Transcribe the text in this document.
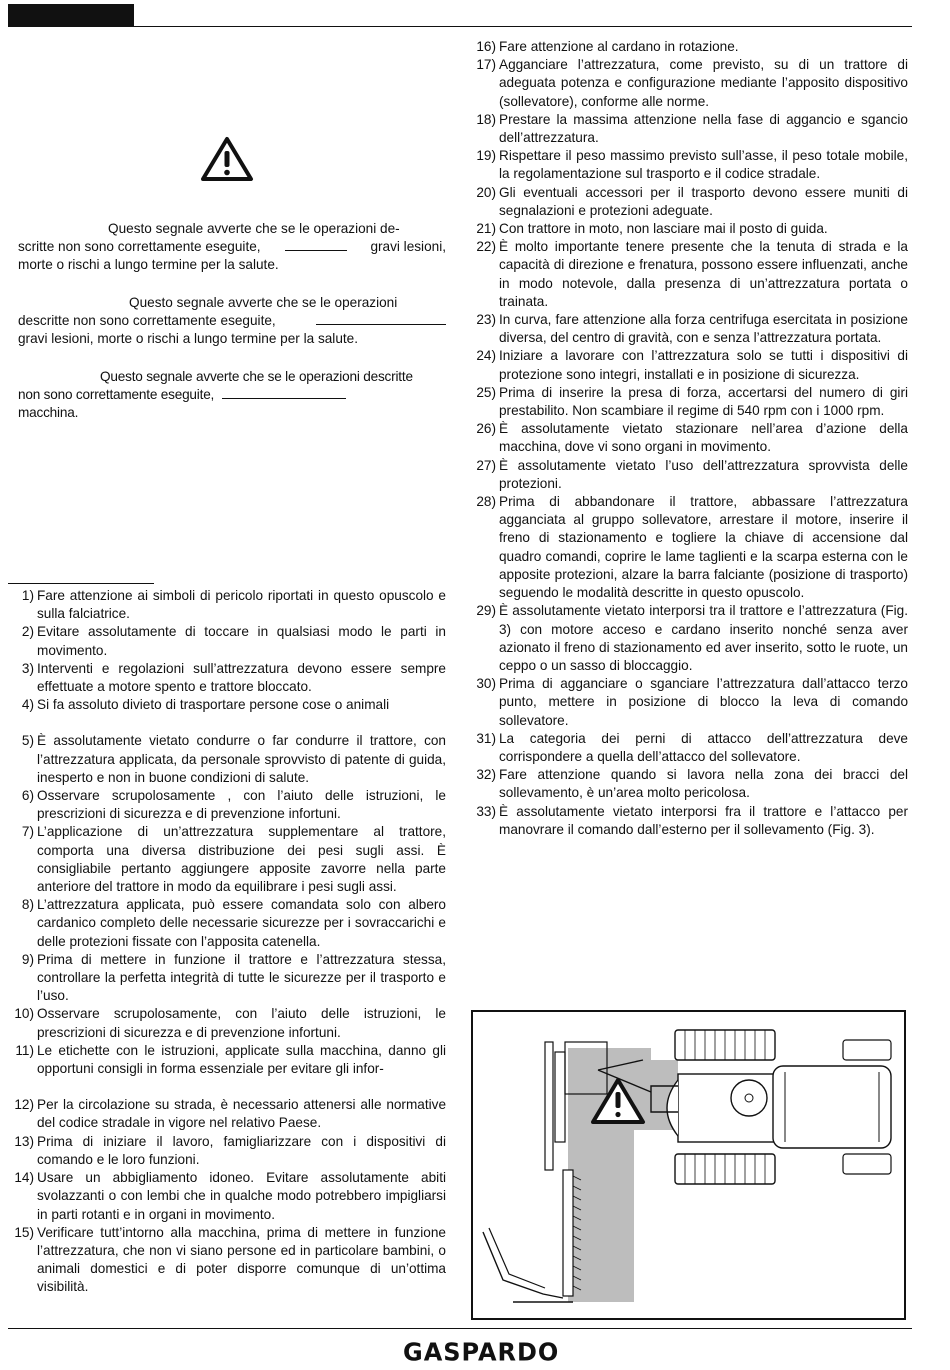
Questo segnale avverte che se le operazioni de-
scritte non sono correttamente eseguite,	gravi lesioni,
morte o rischi a lungo termine per la salute.
Questo segnale avverte che se le operazioni
descritte non sono correttamente eseguite,
gravi lesioni, morte o rischi a lungo termine per la salute.
Questo segnale avverte che se le operazioni descritte
non sono correttamente eseguite,
macchina.
1) Fare attenzione ai simboli di pericolo riportati in questo opuscolo e sulla falciatrice.
2) Evitare assolutamente di toccare in qualsiasi modo le parti in movimento.
3) Interventi e regolazioni sull’attrezzatura devono essere sempre effettuate a motore spento e trattore bloccato.
4) Si fa assoluto divieto di trasportare persone cose o animali
5) È assolutamente vietato condurre o far condurre il trattore, con l’attrezzatura applicata, da personale sprovvisto di patente di guida, inesperto e non in buone condizioni di salute.
6) Osservare scrupolosamente , con l’aiuto delle istruzioni, le prescrizioni di sicurezza e di prevenzione infortuni.
7) L’applicazione di un’attrezzatura supplementare al trattore, comporta una diversa distribuzione dei pesi sugli assi. È consigliabile pertanto aggiungere apposite zavorre nella parte anteriore del trattore in modo da equilibrare i pesi sugli assi.
8) L’attrezzatura applicata, può essere comandata solo con albero cardanico completo delle necessarie sicurezze per i sovraccarichi e delle protezioni fissate con l’apposita catenella.
9) Prima di mettere in funzione il trattore e l’attrezzatura stessa, controllare la perfetta integrità di tutte le sicurezze per il trasporto e l’uso.
10) Osservare scrupolosamente, con l’aiuto delle istruzioni, le prescrizioni di sicurezza e di prevenzione infortuni.
11) Le etichette con le istruzioni, applicate sulla macchina, danno gli opportuni consigli in forma essenziale per evitare gli infor-
12) Per la circolazione su strada, è necessario attenersi alle normative del codice stradale in vigore nel relativo Paese.
13) Prima di iniziare il lavoro, famigliarizzare con i dispositivi di comando e le loro funzioni.
14) Usare un abbigliamento idoneo. Evitare assolutamente abiti svolazzanti o con lembi che in qualche modo potrebbero impigliarsi in parti rotanti e in organi in movimento.
15) Verificare tutt’intorno alla macchina, prima di mettere in funzione l’attrezzatura, che non vi siano persone ed in particolare bambini, o animali domestici e di poter disporre comunque di un’ottima visibilità.
16) Fare attenzione al cardano in rotazione.
17) Agganciare l’attrezzatura, come previsto, su di un trattore di adeguata potenza e configurazione mediante l’apposito dispositivo (sollevatore), conforme alle norme.
18) Prestare la massima attenzione nella fase di aggancio e sgancio dell’attrezzatura.
19) Rispettare il peso massimo previsto sull’asse, il peso totale mobile, la regolamentazione sul trasporto e il codice stradale.
20) Gli eventuali accessori per il trasporto devono essere muniti di segnalazioni e protezioni adeguate.
21) Con trattore in moto, non lasciare mai il posto di guida.
22) È molto importante tenere presente che la tenuta di strada e la capacità di direzione e frenatura, possono essere influenzati, anche in modo notevole, dalla presenza di un’attrezzatura portata o trainata.
23) In curva, fare attenzione alla forza centrifuga esercitata in posizione diversa, del centro di gravità, con e senza l’attrezzatura portata.
24) Iniziare a lavorare con l’attrezzatura solo se tutti i dispositivi di protezione sono integri, installati e in posizione di sicurezza.
25) Prima di inserire la presa di forza, accertarsi del numero di giri prestabilito. Non scambiare il regime di 540 rpm con i 1000 rpm.
26) È assolutamente vietato stazionare nell’area d’azione della macchina, dove vi sono organi in movimento.
27) È assolutamente vietato l’uso dell’attrezzatura sprovvista delle protezioni.
28) Prima di abbandonare il trattore, abbassare l’attrezzatura agganciata al gruppo sollevatore, arrestare il motore, inserire il freno di stazionamento e togliere la chiave di accensione dal quadro comandi, coprire le lame taglienti e la scarpa esterna con le apposite protezioni, alzare la barra falciante (posizione di trasporto) seguendo le modalità descritte in questo opuscolo.
29) È assolutamente vietato interporsi tra il trattore e l’attrezzatura (Fig. 3) con motore acceso e cardano inserito nonché senza aver azionato il freno di stazionamento ed aver inserito, sotto le ruote, un ceppo o un sasso di bloccaggio.
30) Prima di agganciare o sganciare l’attrezzatura dall’attacco terzo punto, mettere in posizione di blocco la leva di comando sollevatore.
31) La categoria dei perni di attacco dell’attrezzatura deve corrispondere a quella dell’attacco del sollevatore.
32) Fare attenzione quando si lavora nella zona dei bracci del sollevamento, è un’area molto pericolosa.
33) È assolutamente vietato interporsi fra il trattore e l’attacco per manovrare il comando dall’esterno per il sollevamento (Fig. 3).
GASPARDO
